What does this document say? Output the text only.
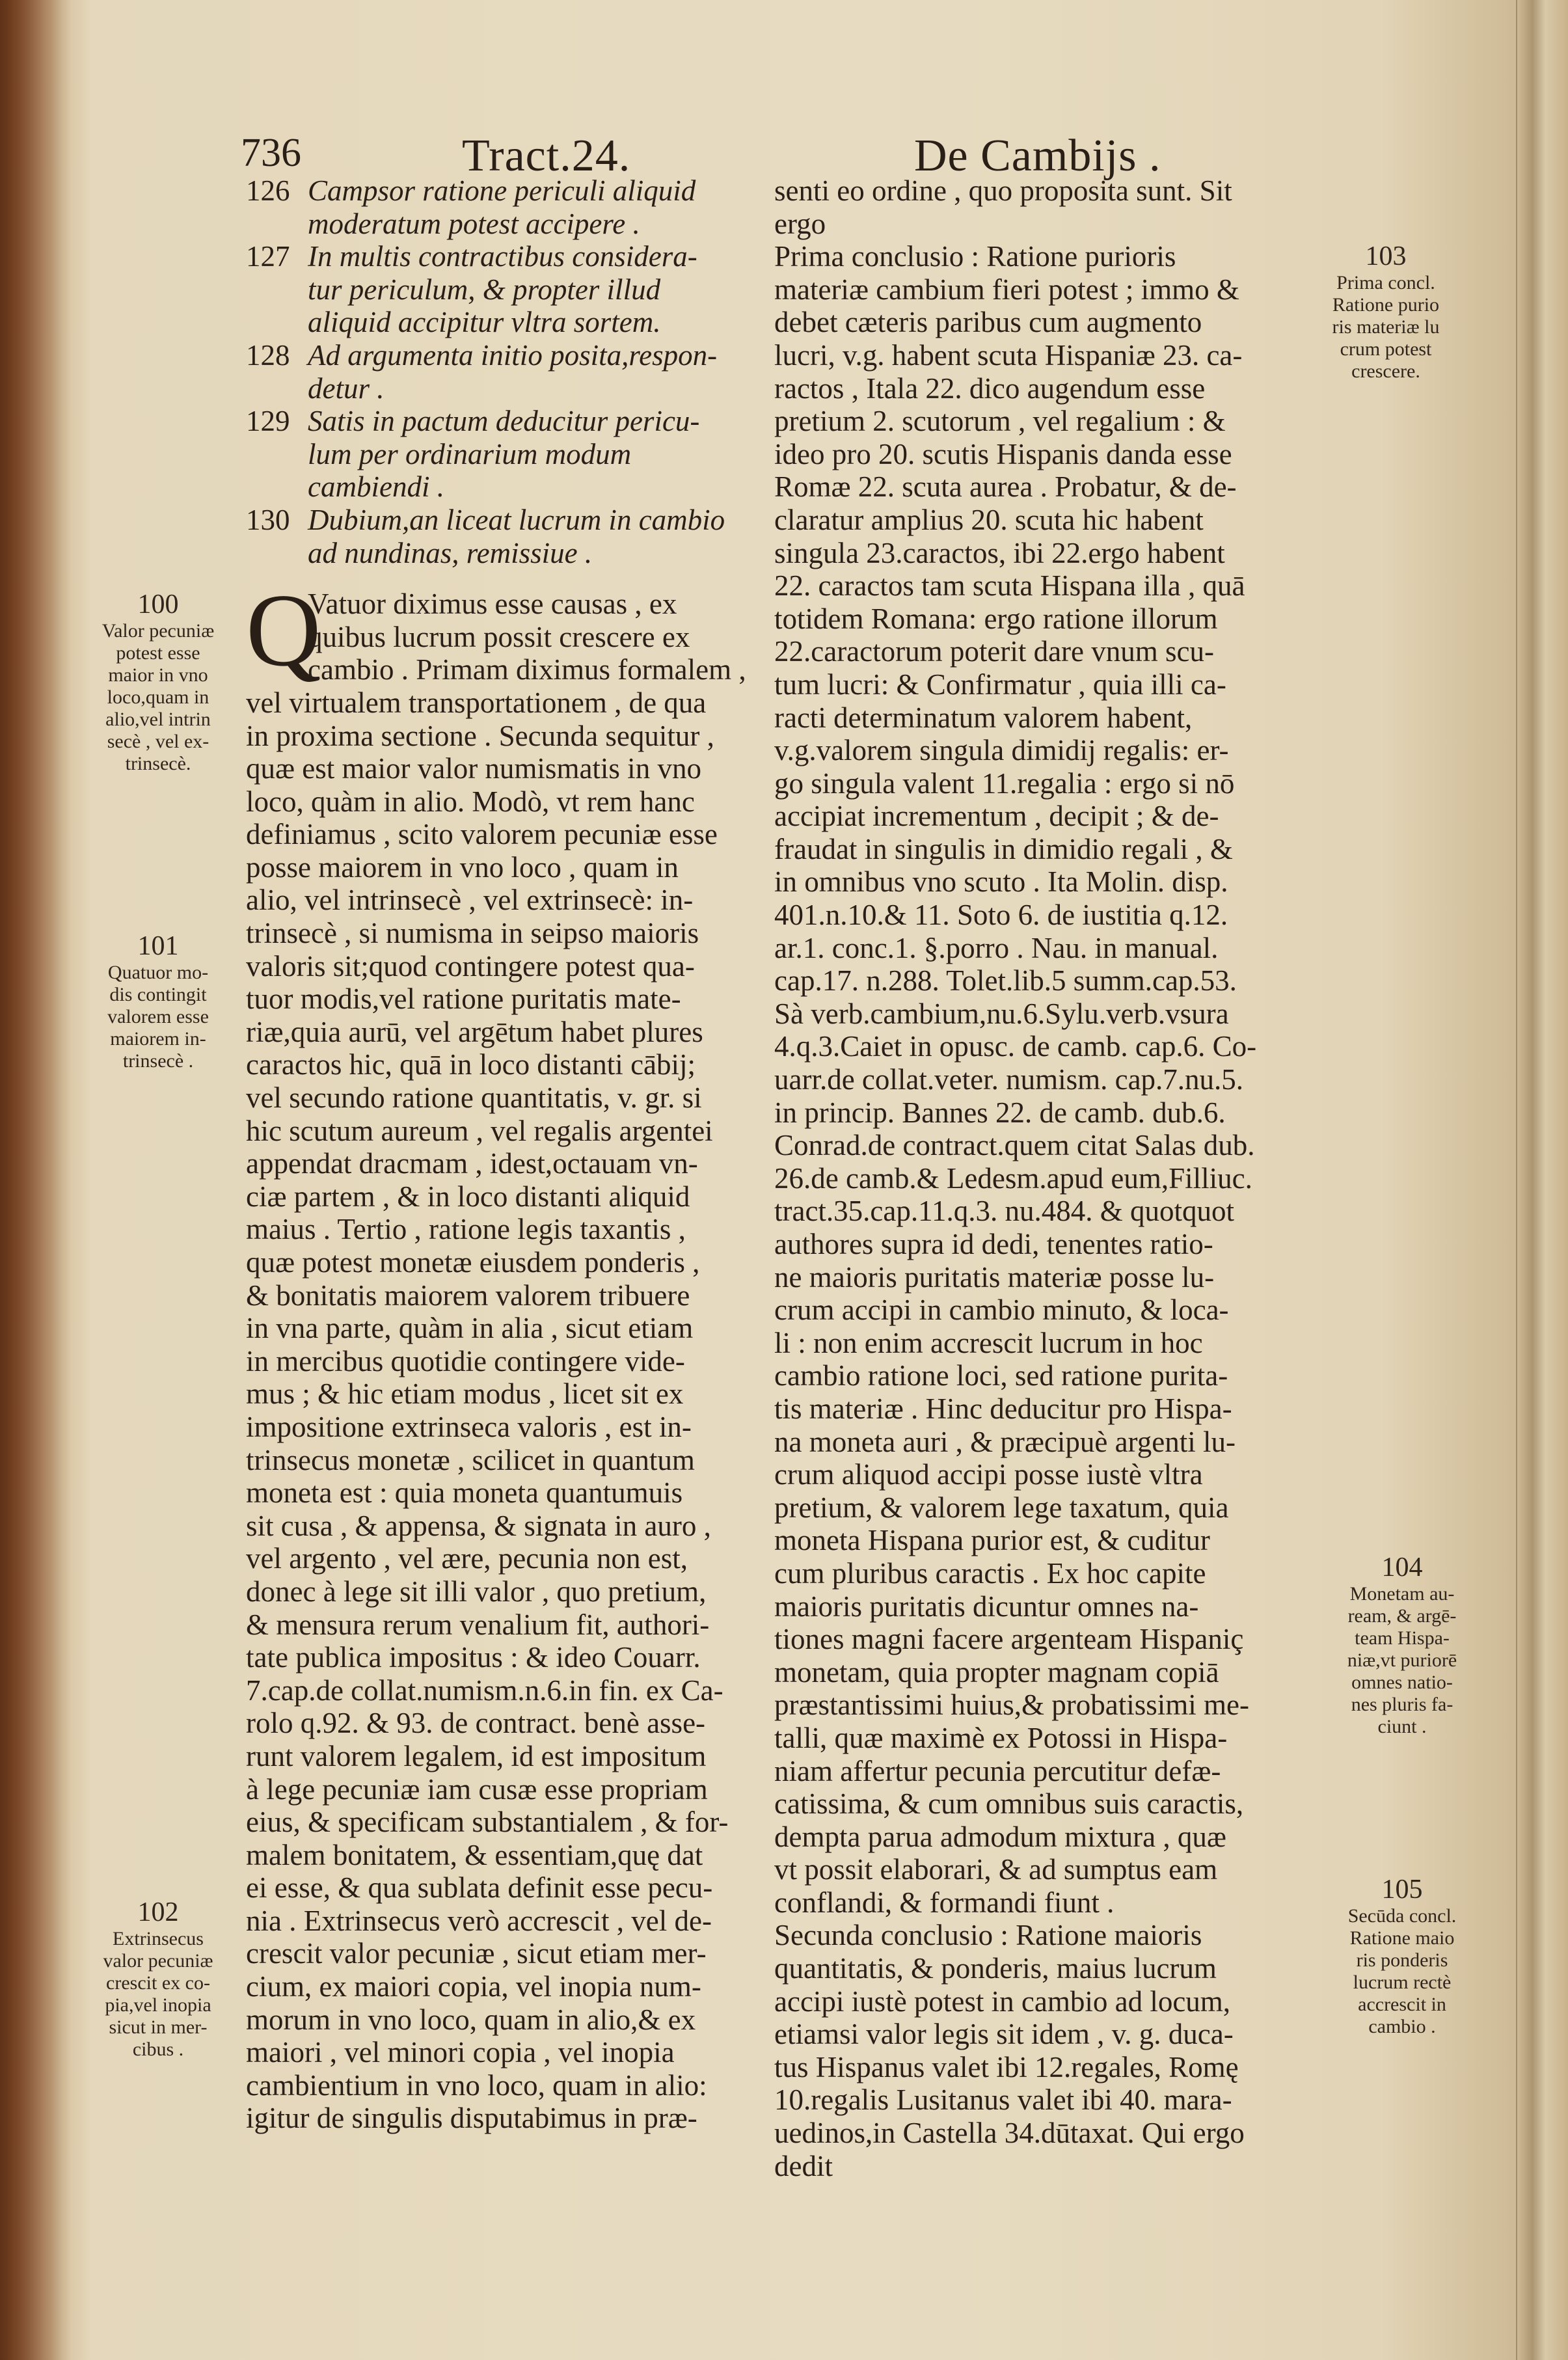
736	Tract.24.	De Cambijs .
126 Campsor ratione periculi aliquid
moderatum potest accipere .
127 In multis contractibus considera-
tur periculum, & propter illud
aliquid accipitur vltra sortem.
128 Ad argumenta initio posita,respon-
detur .
129 Satis in pactum deducitur pericu-
lum per ordinarium modum
cambiendi .
130 Dubium,an liceat lucrum in cambio
ad nundinas, remissiue .
Q
Vatuor diximus esse causas , ex
quibus lucrum possit crescere ex
cambio . Primam diximus formalem ,
vel virtualem transportationem , de qua
in proxima sectione . Secunda sequitur ,
quæ est maior valor numismatis in vno
loco, quàm in alio. Modò, vt rem hanc
definiamus , scito valorem pecuniæ esse
posse maiorem in vno loco , quam in
alio, vel intrinsecè , vel extrinsecè: in-
trinsecè , si numisma in seipso maioris
valoris sit;quod contingere potest qua-
tuor modis,vel ratione puritatis mate-
riæ,quia aurū, vel argētum habet plures
caractos hic, quā in loco distanti cābij;
vel secundo ratione quantitatis, v. gr. si
hic scutum aureum , vel regalis argentei
appendat dracmam , idest,octauam vn-
ciæ partem , & in loco distanti aliquid
maius . Tertio , ratione legis taxantis ,
quæ potest monetæ eiusdem ponderis ,
& bonitatis maiorem valorem tribuere
in vna parte, quàm in alia , sicut etiam
in mercibus quotidie contingere vide-
mus ; & hic etiam modus , licet sit ex
impositione extrinseca valoris , est in-
trinsecus monetæ , scilicet in quantum
moneta est : quia moneta quantumuis
sit cusa , & appensa, & signata in auro ,
vel argento , vel ære, pecunia non est,
donec à lege sit illi valor , quo pretium,
& mensura rerum venalium fit, authori-
tate publica impositus : & ideo Couarr.
7.cap.de collat.numism.n.6.in fin. ex Ca-
rolo q.92. & 93. de contract. benè asse-
runt valorem legalem, id est impositum
à lege pecuniæ iam cusæ esse propriam
eius, & specificam substantialem , & for-
malem bonitatem, & essentiam,quę dat
ei esse, & qua sublata definit esse pecu-
nia . Extrinsecus verò accrescit , vel de-
crescit valor pecuniæ , sicut etiam mer-
cium, ex maiori copia, vel inopia num-
morum in vno loco, quam in alio,& ex
maiori , vel minori copia , vel inopia
cambientium in vno loco, quam in alio:
igitur de singulis disputabimus in præ-
senti eo ordine , quo proposita sunt. Sit
ergo
Prima conclusio : Ratione purioris
materiæ cambium fieri potest ; immo &
debet cæteris paribus cum augmento
lucri, v.g. habent scuta Hispaniæ 23. ca-
ractos , Itala 22. dico augendum esse
pretium 2. scutorum , vel regalium : &
ideo pro 20. scutis Hispanis danda esse
Romæ 22. scuta aurea . Probatur, & de-
claratur amplius 20. scuta hic habent
singula 23.caractos, ibi 22.ergo habent
22. caractos tam scuta Hispana illa , quā
totidem Romana: ergo ratione illorum
22.caractorum poterit dare vnum scu-
tum lucri: & Confirmatur , quia illi ca-
racti determinatum valorem habent,
v.g.valorem singula dimidij regalis: er-
go singula valent 11.regalia : ergo si nō
accipiat incrementum , decipit ; & de-
fraudat in singulis in dimidio regali , &
in omnibus vno scuto . Ita Molin. disp.
401.n.10.& 11. Soto 6. de iustitia q.12.
ar.1. conc.1. §.porro . Nau. in manual.
cap.17. n.288. Tolet.lib.5 summ.cap.53.
Sà verb.cambium,nu.6.Sylu.verb.vsura
4.q.3.Caiet in opusc. de camb. cap.6. Co-
uarr.de collat.veter. numism. cap.7.nu.5.
in princip. Bannes 22. de camb. dub.6.
Conrad.de contract.quem citat Salas dub.
26.de camb.& Ledesm.apud eum,Filliuc.
tract.35.cap.11.q.3. nu.484. & quotquot
authores supra id dedi, tenentes ratio-
ne maioris puritatis materiæ posse lu-
crum accipi in cambio minuto, & loca-
li : non enim accrescit lucrum in hoc
cambio ratione loci, sed ratione purita-
tis materiæ . Hinc deducitur pro Hispa-
na moneta auri , & præcipuè argenti lu-
crum aliquod accipi posse iustè vltra
pretium, & valorem lege taxatum, quia
moneta Hispana purior est, & cuditur
cum pluribus caractis . Ex hoc capite
maioris puritatis dicuntur omnes na-
tiones magni facere argenteam Hispaniç
monetam, quia propter magnam copiā
præstantissimi huius,& probatissimi me-
talli, quæ maximè ex Potossi in Hispa-
niam affertur pecunia percutitur defæ-
catissima, & cum omnibus suis caractis,
dempta parua admodum mixtura , quæ
vt possit elaborari, & ad sumptus eam
conflandi, & formandi fiunt .
Secunda conclusio : Ratione maioris
quantitatis, & ponderis, maius lucrum
accipi iustè potest in cambio ad locum,
etiamsi valor legis sit idem , v. g. duca-
tus Hispanus valet ibi 12.regales, Romę
10.regalis Lusitanus valet ibi 40. mara-
uedinos,in Castella 34.dūtaxat. Qui ergo
dedit
100
Valor pecuniæ
potest esse
maior in vno
loco,quam in
alio,vel intrin
secè , vel ex-
trinsecè.
101
Quatuor mo-
dis contingit
valorem esse
maiorem in-
trinsecè .
102
Extrinsecus
valor pecuniæ
crescit ex co-
pia,vel inopia
sicut in mer-
cibus .
103
Prima concl.
Ratione purio
ris materiæ lu
crum potest
crescere.
104
Monetam au-
ream, & argē-
team Hispa-
niæ,vt puriorē
omnes natio-
nes pluris fa-
ciunt .
105
Secūda concl.
Ratione maio
ris ponderis
lucrum rectè
accrescit in
cambio .
